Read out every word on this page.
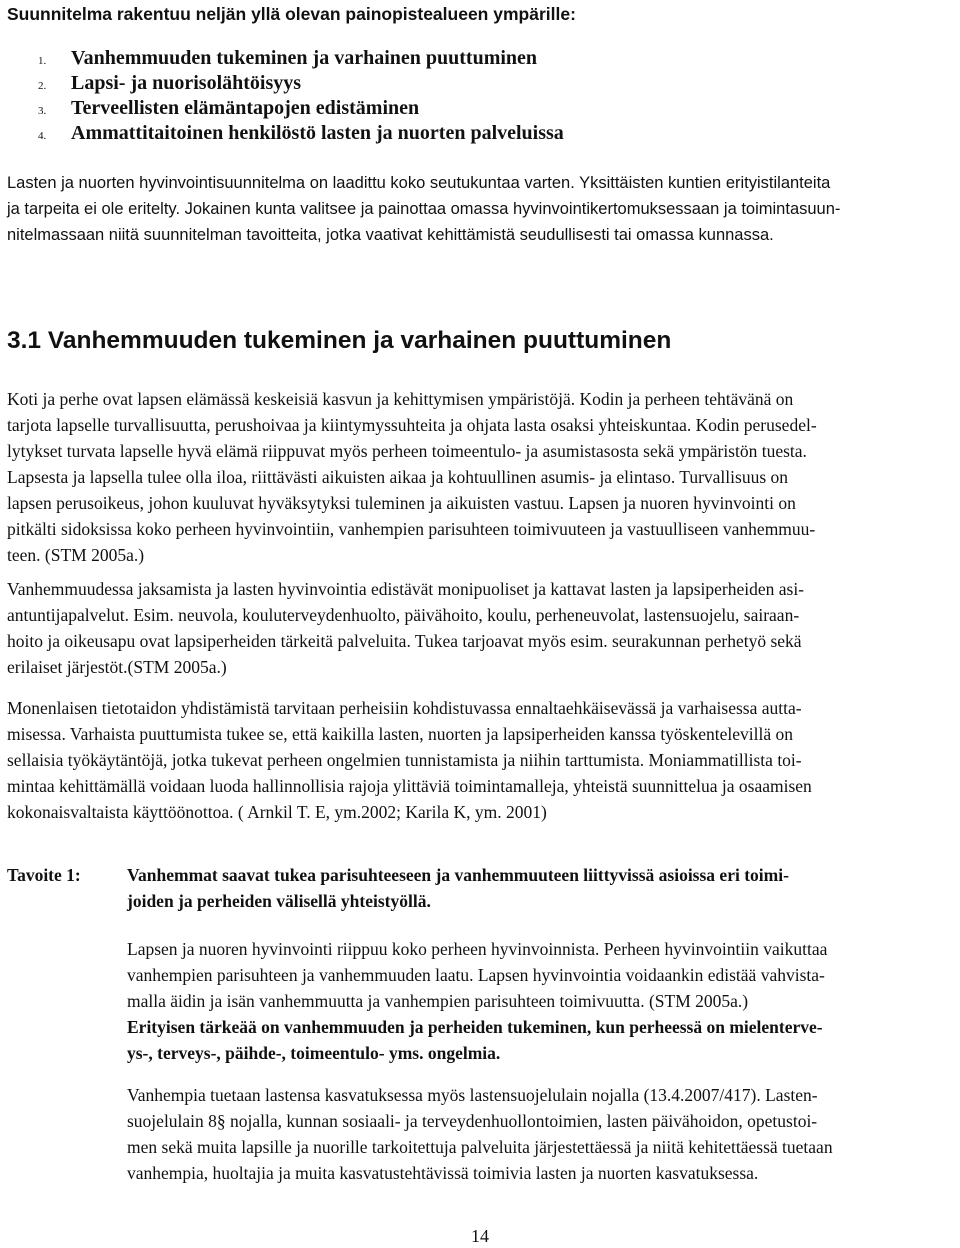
Suunnitelma rakentuu neljän yllä olevan painopistealueen ympärille:

1. Vanhemmuuden tukeminen ja varhainen puuttuminen
2. Lapsi- ja nuorisolähtöisyys
3. Terveellisten elämäntapojen edistäminen
4. Ammattitaitoinen henkilöstö lasten ja nuorten palveluissa

Lasten ja nuorten hyvinvointisuunnitelma on laadittu koko seutukuntaa varten. Yksittäisten kuntien erityistilanteita
ja tarpeita ei ole eritelty. Jokainen kunta valitsee ja painottaa omassa hyvinvointikertomuksessaan ja toimintasuun-
nitelmassaan niitä suunnitelman tavoitteita, jotka vaativat kehittämistä seudullisesti tai omassa kunnassa.

3.1 Vanhemmuuden tukeminen ja varhainen puuttuminen

Koti ja perhe ovat lapsen elämässä keskeisiä kasvun ja kehittymisen ympäristöjä. Kodin ja perheen tehtävänä on
tarjota lapselle turvallisuutta, perushoivaa ja kiintymyssuhteita ja ohjata lasta osaksi yhteiskuntaa. Kodin perusedel-
lytykset turvata lapselle hyvä elämä riippuvat myös perheen toimeentulo- ja asumistasosta sekä ympäristön tuesta.
Lapsesta ja lapsella tulee olla iloa, riittävästi aikuisten aikaa ja kohtuullinen asumis- ja elintaso. Turvallisuus on
lapsen perusoikeus, johon kuuluvat hyväksytyksi tuleminen ja aikuisten vastuu. Lapsen ja nuoren hyvinvointi on
pitkälti sidoksissa koko perheen hyvinvointiin, vanhempien parisuhteen toimivuuteen ja vastuulliseen vanhemmuu-
teen. (STM 2005a.)

Vanhemmuudessa jaksamista ja lasten hyvinvointia edistävät monipuoliset ja kattavat lasten ja lapsiperheiden asi-
antuntijapalvelut. Esim. neuvola, kouluterveydenhuolto, päivähoito, koulu, perheneuvolat, lastensuojelu, sairaan-
hoito ja oikeusapu ovat lapsiperheiden tärkeitä palveluita. Tukea tarjoavat myös esim. seurakunnan perhetyö sekä
erilaiset järjestöt.(STM 2005a.)

Monenlaisen tietotaidon yhdistämistä tarvitaan perheisiin kohdistuvassa ennaltaehkäisevässä ja varhaisessa autta-
misessa. Varhaista puuttumista tukee se, että kaikilla lasten, nuorten ja lapsiperheiden kanssa työskentelevillä on
sellaisia työkäytäntöjä, jotka tukevat perheen ongelmien tunnistamista ja niihin tarttumista. Moniammatillista toi-
mintaa kehittämällä voidaan luoda hallinnollisia rajoja ylittäviä toimintamalleja, yhteistä suunnittelua ja osaamisen
kokonaisvaltaista käyttöönottoa. ( Arnkil T. E, ym.2002; Karila K, ym. 2001)

Tavoite 1:	Vanhemmat saavat tukea parisuhteeseen ja vanhemmuuteen liittyvissä asioissa eri toimi-
joiden ja perheiden välisellä yhteistyöllä.

Lapsen ja nuoren hyvinvointi riippuu koko perheen hyvinvoinnista. Perheen hyvinvointiin vaikuttaa
vanhempien parisuhteen ja vanhemmuuden laatu. Lapsen hyvinvointia voidaankin edistää vahvista-
malla äidin ja isän vanhemmuutta ja vanhempien parisuhteen toimivuutta. (STM 2005a.)

Erityisen tärkeää on vanhemmuuden ja perheiden tukeminen, kun perheessä on mielenterve-
ys-, terveys-, päihde-, toimeentulo- yms. ongelmia.

Vanhempia tuetaan lastensa kasvatuksessa myös lastensuojelulain nojalla (13.4.2007/417). Lasten-
suojelulain 8§ nojalla, kunnan sosiaali- ja terveydenhuollontoimien, lasten päivähoidon, opetustoi-
men sekä muita lapsille ja nuorille tarkoitettuja palveluita järjestettäessä ja niitä kehitettäessä tuetaan
vanhempia, huoltajia ja muita kasvatustehtävissä toimivia lasten ja nuorten kasvatuksessa.

14
